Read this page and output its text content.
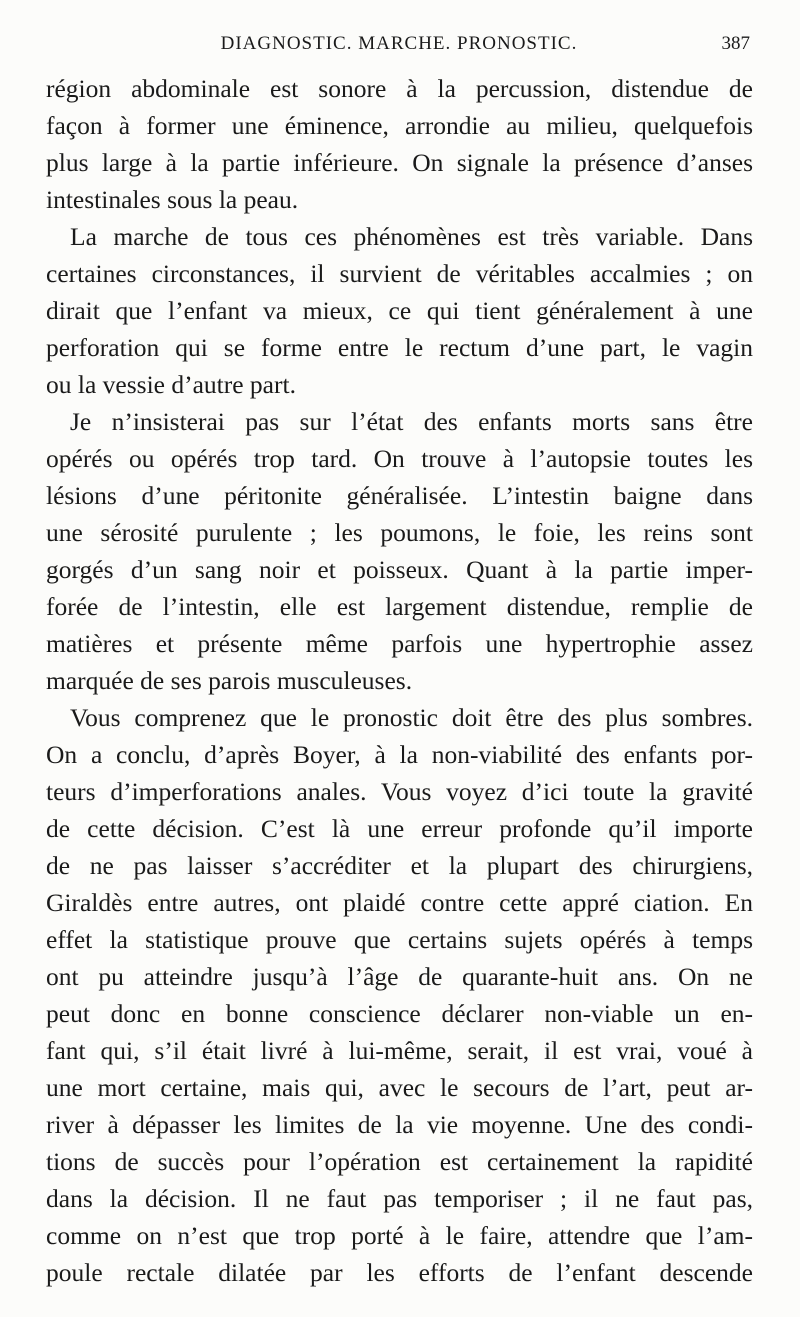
DIAGNOSTIC. MARCHE. PRONOSTIC.	387
région abdominale est sonore à la percussion, distendue de
façon à former une éminence, arrondie au milieu, quelquefois
plus large à la partie inférieure. On signale la présence d’anses
intestinales sous la peau.
La marche de tous ces phénomènes est très variable. Dans
certaines circonstances, il survient de véritables accalmies ; on
dirait que l’enfant va mieux, ce qui tient généralement à une
perforation qui se forme entre le rectum d’une part, le vagin
ou la vessie d’autre part.
Je n’insisterai pas sur l’état des enfants morts sans être
opérés ou opérés trop tard. On trouve à l’autopsie toutes les
lésions d’une péritonite généralisée. L’intestin baigne dans
une sérosité purulente ; les poumons, le foie, les reins sont
gorgés d’un sang noir et poisseux. Quant à la partie imper-
forée de l’intestin, elle est largement distendue, remplie de
matières et présente même parfois une hypertrophie assez
marquée de ses parois musculeuses.
Vous comprenez que le pronostic doit être des plus sombres.
On a conclu, d’après Boyer, à la non-viabilité des enfants por-
teurs d’imperforations anales. Vous voyez d’ici toute la gravité
de cette décision. C’est là une erreur profonde qu’il importe
de ne pas laisser s’accréditer et la plupart des chirurgiens,
Giraldès entre autres, ont plaidé contre cette appré ciation. En
effet la statistique prouve que certains sujets opérés à temps
ont pu atteindre jusqu’à l’âge de quarante-huit ans. On ne
peut donc en bonne conscience déclarer non-viable un en-
fant qui, s’il était livré à lui-même, serait, il est vrai, voué à
une mort certaine, mais qui, avec le secours de l’art, peut ar-
river à dépasser les limites de la vie moyenne. Une des condi-
tions de succès pour l’opération est certainement la rapidité
dans la décision. Il ne faut pas temporiser ; il ne faut pas,
comme on n’est que trop porté à le faire, attendre que l’am-
poule rectale dilatée par les efforts de l’enfant descende
